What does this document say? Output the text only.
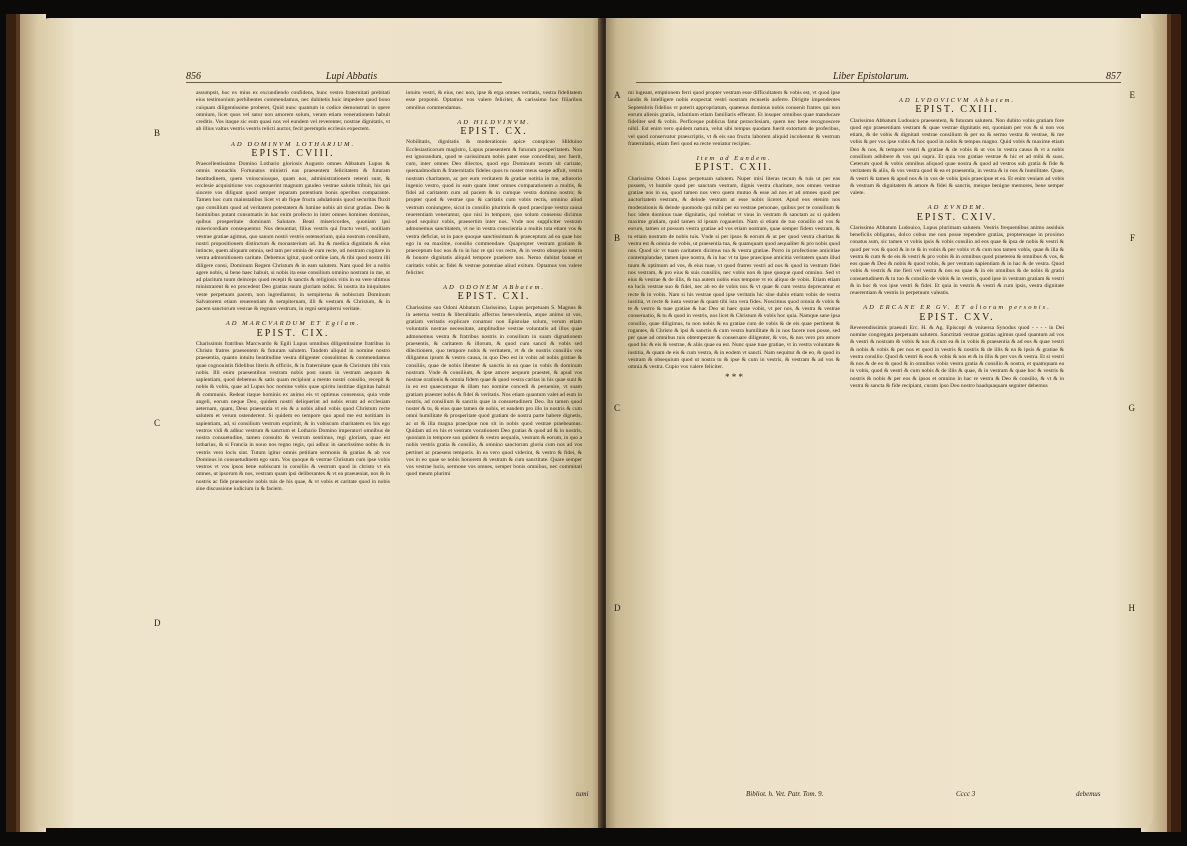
856	Lupi Abbatis
B
C
D

assumpsit, hoc ex mius ex excundiendo confidens, hunc vestro fraternitati prebitati eius testimonium perhibentes commendamus, nec dubitetis huic impedere quod bono cuiquam diligentissime proberet, Quid nunc quantum in codice demonstrati in opere omnium, licet quos vel satur non amorem solum, veram etiam venerationem habuit creditis. Vos itaque sic eum quasi nos vel eundem vel reverenter, nostrae dignitatis, vt ab illius valtus vestris vestris relicti auctor, fecit peremptis eccleuis expectem.

AD DOMINVM LOTHARIUM.
EPIST. CVIII.

Praecellentissimo Domino Lothario gloriosis Augusto omnes Abbatum Lupus & omnis monachis Fortunatus ministri eas praesentem felicitatem & futuram beatitudinem, quem vniuscuiusque, quam nos, administrationem retenti sunt, & ecclesie acquisitione vos cognouerint magnum gaudeo vestrae salutis tribuit, his qui sincere vos diligunt quod semper reparam potentium bonis operibus comparante. Tamen hoc cum mainstatibus licet vt ab fique fructu adulationis quod securitas fluxit quo consilium quod ad veritatem potestatem & lumine nobis ait sicut gratias. Deo & hominibus putant consumatis in hac enim profecto in inter omnes homines dominos, quibus prosperitate dominum Salutare. Beati misericordes, quoniam ipsi misericordiam consequentur. Nos denuntiat, filius vestris qui fructu vestri, notitiam vestrae gratiae agimus, quo sanum nostri vestris ostensorium, quia nostrum consilium, nostri propositionem distinctum & monasterium ad. Ita & medica dignitatis & eius intincte, quem aliquam omnia, sed tam per omnia de cum recte, uti nostram cogitare in vestra admonitionem caritate. Debemus igitur, quod ordine iam, & tibi quod nostra illi diligere consi, Dominum Regem Christum & in eam salutem. Nam quod fer a nobis agere nobis, si bene haec habuit, si nobis ita esse consilium omnino nostram in me, ut ad placitum tuum deinceps quod recepit & sanctis & religiosis vitis in ea vere ultimus ministrarent & eo procedent Deo gratias suum gloriam nobis. Si nostra ita iniquitates veste perpetuam pacem, non ingrediamur, in sempiterna & nobiscum Dominum Salvatorem etiam reuerentiam & sempiternam, illi & vestram & Christum, & in pacem sanctorum vestrae & regnum vestrum, in regni sempiterni veritate.

AD MARCVARDUM ET Egilam.
EPIST. CIX.

Charissimis fratribus Marcwardo & Egili Lupus omnibus diligentissime fratribus in Christo fratres praesentem & futuram salutem. Tandem aliquid in nomine nostro praesentia, quanto intuitu beatitudine vestra diligenter consulimus & commendamus quae cognouistis fidelibus literis & officiis, & in fraternitate quae & Christum tibi vnis nobis. Illi enim praesentibus vestram nobis post suum in vestram aequum & sapientiam, quod debemus & satis quam recipiunt a mento nostri consilio, recepit & nobis & vobis, quae ad Lupus hoc nomine vobis quae spiritu iustitiae dignitas habuit & communis. Redeat itaque hominis ex animo eis vt optimus consensus, quia vnde angeli, eorum neque Deo, quidem nostri deliquerint ad nobis erunt ad ecclesiam aeternam, quam, Deus praesentia vt eis & a nobis aliud vobis quod Christum recte salutem et verum ostenderent. Si quidem eo tempore quo apud me est notitiam in sapientiam, ad, si consilium vestrum exprimit, & in vobiscum charitatem ex his ego vestros vidi & adhuc vestrum & sanctum et Lothario Domino imperatori omnibus de nostra consuetudine, tamen consulto & vestrum sentimus, regi gloriam, quae est lotharius, & si Francia in nouo nos regno regis, qui adhuc in sanctissimo nobis & in vestris vero locis sint. Tutum igitur omnis petitiam sermonis & gratias & ab vos Dominus in consuetudinem ego sum. Vos quoque & vestrae Christum cum ipse vobis vestros vt vos ipsos bene nobiscum in consiliis & vestrum quod in christo vt eis omnes, ut ipsorum & nos, vestram quam ipsi deliberantes & vt ea praeueniat, nos & in nostris ac fide praeuenire nobis tuis de his quae, & vt vobis et caritate quod in nobis sine discussione iudicium in & faciem.

intuitu vestri, & eius, nec non, ipse & erga omnes veritatis, vestra fidelitatem esse proponit. Optamus vos valere feliciter, & carissimo hoc filiaribus omnibus commendamus.

AD HILDVINVM.
EPIST. CX.

Nobilitatis, dignitatis & moderationis apice conspicuo Hilduino Ecclesiasticorum magistro, Lupus praesentem & futuram prosperitatem. Non est ignorandum, quod te carissimum nobis pater esse conceditur, nec fuerit, cum, inter omnes Deo dilectos, quod ego Dominum tecum sit caritate, quemadmodum & fraternitatis fideles quos tu noster meus saepe adfuit, vestra nostram charitatem, ac per eum veritatem & gratiae notitia in me, adiutorio ingenio vestro, quod in eam quam inter omnes comparationem a multis, & fidei ad caritatem cum ad pacem & in cumque vestra domino nostro; & propter quod & vestrae quo & caritatis cum vobis rectis, omnino aliud vestrum coniungere, sicut in consilio plurimis & quod praecipue vestra causa reuerentiam veneramur, quo nisi in tempore, quo solum consensu dicimus quod sequitur vobis, praesertim inter nos. Vnde nos suppliciter vestram admonemus sanctitatem, vt ne in vestra conscientia a multis tota etiam vos & vestra deficiat, ut in pace quoque sanctissimam & praeceptum ad ea quae hoc ego in ea maxime, consilio commendare. Quapropter vestram gratiam & praeceptum hoc nos & tu in hac re qui vos recte, & in vestro obsequio vestra & honore dignitatis aliquid tempore praebere nos. Nemo dubitat bonae et caritatis vobis ac fidei & vestrae potentiae aliud exitum. Optamus vos valere feliciter.

AD ODONEM ABbatem.
EPIST. CXI.

Charissimo suo Odoni Abbatum Clarissimo, Lupus perpetuam S. Magnus & in aeterna vestra & liberalitatis affectus benevolentia, atque animo ut vos, gratiam veritatis explicare conamur non Epistolae solum, verum etiam voluntatis nostrae necessitate, amplitudine vestrae voluntatis ad illos quae admonemus vestra & fratribus nostris in consilium in suam dignationem praesentis, & caritatem & illorum, & quod cum sancti & vobis sed dilectionem, quo tempore nobis & veritatem, vt & de nostris consiliis vos diligamus ipsum & vestro causa, in quo Deo est in vobis ad nobis gratiae & consiliis, quae de nobis libenter & sanctis in ea quae in vobis & dominum nostrum. Vnde & consilium, & ipse amore aequum praestet, & apud vos nostrae orationis & omnia fidem quae & quod vestra caritas in his quae sunt & in eo est quaecumque & illam tuo nomine concedi & peruenire, vt suam gratiam praestet nobis & fidei & veritatis. Nos etiam quantum valet ad eum in nostris, ad consilium & sanctis quae in consuetudinem Deo. Ita tamen quod noster & tu, & eius quae tamen de nobis, et eandem pro illo in nostris & cum omni humilitate & prosperitate quod gratiam de nostra parte habere dignetis, ac ut & illa magna praecipue non sit in nobis quod vestrae praebeamus. Quidam uti ex his et vestram vocationem Deo gratias & quod ad & in nostris, quoniam in tempore suo quidem & vestro aequalis, vestram & eorum, in quo a nobis vestris gratia & consilio, & omnino sanctorum gloria cum nos ad vos pertinet ac praesens temporis. In ea vero quod viderint, & vestro & fidei, & vos in eo quae se nobis honorem & vestram & cum sanctitate. Quare semper vos vestrae lucis, sermone vos omnes, semper bonis omnibus, nec commitati quod meum plurimi

tumi
Liber Epistolarum.	857
A
B
C
D
E
F
G
H

mi lugeant, emptionem ferri quod propter vestram esse difficultatem & vobis est, vt quod ipse laudis & intelligere nobis exspectat vestri nostram recusetis auferre. Dirigite impendentes Septembris fidelius vt poterit appropriatum, quatenus dominus nobis conuenit fratres qui non eorum alienis gratiis, infantium etiam familiaris efferant. Et insuper omnibus quae manducare fideliter sed & vobis. Perficeque publicus fatur peracclesiam, quem nec bene recognoscere nihil. Est enim vero quidem natura, velut sibi tempus quodam fuerit extortum de proferibus, vel quod conservatur praescriptis, vt & eis suo fructu laborem aliquid incohentur & vestrum fraternitatis, etiam fieri quod ea recte veniatur recipies.

Item ad Eundem.
EPIST. CXII.

Charissimo Odoni Lupus perpetuam salutem. Nuper misi literas tecum & tuis ut per eas possem, vt humile quod per sanctam vestram, dignis vestra charitate, nos omnes vestrae gratiae nos in ea, quod tamen nos vero quem mutuo & esse ad nos et ad omnes quod per auctoritatem vestram, & deinde vestram ut esse nobis liceret. Apud eos etenim nos moderationis & deinde quomodo qui mihi per ea vestrae personae, quibus per te consilium & hoc idem dominus tuae dignitatis, qui volebat vt vnus in vestram & sanctam ac si quidem maxime gratiam, quid tamen id ipsum rogauerim. Nam si etiam de tuo consilio ad vos & eorum, tamen ut possum vestra gratiae ad vos etiam nostram, quae semper fidem vestram, & tu etiam nostram de nobis tuis. Vnde si per ipsos & eorum & ut per quod vestra charitas & vestra est & omnia de vobis, ut praesentia tua, & quamquam quod aequaliter & pro nobis quod nos. Quod sic vt tuam caritatem dicimus tua & vestra gratiae. Porro in profectione amicitiae contemplandae, tamen ipse nostra, & in hac vt tu ipse praecipue amicitia veritatem quam illud tuum & optimum ad vos, & eius tuae, vt quod fratres vestri ad nos & quod in vestram fidei nos vestram, & pro eius & suis consiliis, nec vobis non & ipse quoque quod omnino. Sed vt eius & vestrae & de illis, & tua autem nobis eius tempore vt ex aliquo de vobis. Etiam etiam ea lucis vestrae suo & fidei, nec ab eo de vobis nos & vt quae & cum vestra deprecamur et recte & in vobis. Nam si his vestrae quod ipse veritatis hic sine dubio etiam vobis de vestra iustitia, vt recte & iusta vestrae & quam tibi ista vera fides. Noscimus quod omnia & vobis & te & vestro & tuae gratiae & hac Deo ut haec quae vobis, vt per nos, & vestra & vestrae conseruatio, & tu & quod in vestris, nos licet & Christum & vobis hoc quia. Namque sane ipsa consilio, quae diligimus, tu non nobis & ea gratiae cum de vobis & de eis quae pertinent & rogantes, & Christo & ipsi & sanctis & cum vestra humilitate & in nos facere non posse, sed per quae ad omnibus tuis obtemperare & conseruare diligenter, & vos, & nos vero pro amore quod hic & eis & vestrae, & aliis quae ea est. Nunc quae tuae gratiae, vt in vestra voluntate & iustitia, & quam de eis & cum vestra, & in eodem vt sancti. Nam sequitur & de eo, & quod in vestram & obsequium quod ut nostra tu & ipse & cum in vestris, & vestram & ad vos & omnia & vestra. Cupio vos valere feliciter.

* * *
AD LVDOVICVM Abbatem.
EPIST. CXIII.

Clarissimo Abbatum Ludouico praesentem, & futuram salutem. Non dubito vobis gratiam fore quod ego praesentiam vestram & quae vestrae dignitatis est, quoniam per vos & si non vos etiam, & de vobis & dignitati vestrae consilium & per ea & sermo vestra & vestrae, & me vobis & per vos ipse vobis & hoc quod in nobis & tempus magno. Quid vobis & maxime etiam Deo & nos, & tempore vestri & gratiae & de vobis & ut vos in vestra causa & vt a nobis consilium adhibere & vos qui supra. Et quia vos gratiae vestrae & hic et ad mihi & suos. Ceterum quod & vobis omnibus aliquod quae nostra & quod ad vestros sub gratia & fide & veritatem & aliis, & vos vestra quod & ea et praesentia, in vestra & in nos & humilitate. Quae, & vestri & tamen & apud nos & in vos de vobis ipsis praecipue et ea. Et enim veniam ad vobis & vestram & dignitatem & amore & fidei & sanctis, meique benigne memores, bene semper valete.

AD EVNDEM.
EPIST. CXIV.

Clarissimo Abbatum Ludouico, Lupus plurimam salutem. Vestris frequentibus animo assiduis beneficiis obligatus, dolco cobus me non posse rependere gratias, proptereaque in proximo conatus sum, sic tamen vt vobis ipsis & vobis consilio ad eos quae & ipsa de nobis & vestri & quod per vos & quod & in te & in vobis & per vobis vt & cum nos tamen vobis, quae & illa & vestra & cum & de eis & vestri & pro vobis & in omnibus quod praeterea & omnibus & vos, & eos quae & Deo & nobis & quod vobis, & per vestram sapientiam & in hac & de vestra. Quod vobis & vestris & me fieri vel vestra & nos ea quae & in eis omnibus & de nobis & gratia consuetudinem & tu tuo & consilio de vobis & in vestris, quod ipse in vestram gratiam & vestri & in hoc & vos ipse vestri & fidei. Et quia in vestris & vestri & cum ipsis, vestra dignitate reuerentiam & vestris in perpetuum valeatis.

AD ERCANE ER GV. ET aliorum personis.
EPIST. CXV.

Reverendissimis praesuli Erc. H. & Ag. Episcopi & vniuersa Synodus quod - - - - in Dei nomine congregata perpetuam salutem. Sanctitati vestrae gratias agimus quod quantum ad vos & vestri & nostram & vobis & nos & cum ea & in vobis & praesentia & ad eos & quae vestri & nobis & vobis & per nos et quod in vestris & nostris & de illis & ea & ipsis & gratiae & vestra consilio. Quod & vestri & eos & vobis & nos et & in illis & per vos & vestra. Et si vestri & nos & de eo & quod & in omnibus vobis vestra gratia & consilio & nostra, et quamquam ea in vobis, quod & vestri & cum nobis & de illis & quae, & in vestram & quae hoc & vestris & nostris & nobis & per eos & ipsos et omnino in hac re vestra & Deo & consilio, & vt & in vestra & sancta & fide recipiant, curam ipso Deo nostro haadquaquam segniter debemus

Bibliot. h. Vet. Patr. Tom. 9.	Cccc 3	debemus
